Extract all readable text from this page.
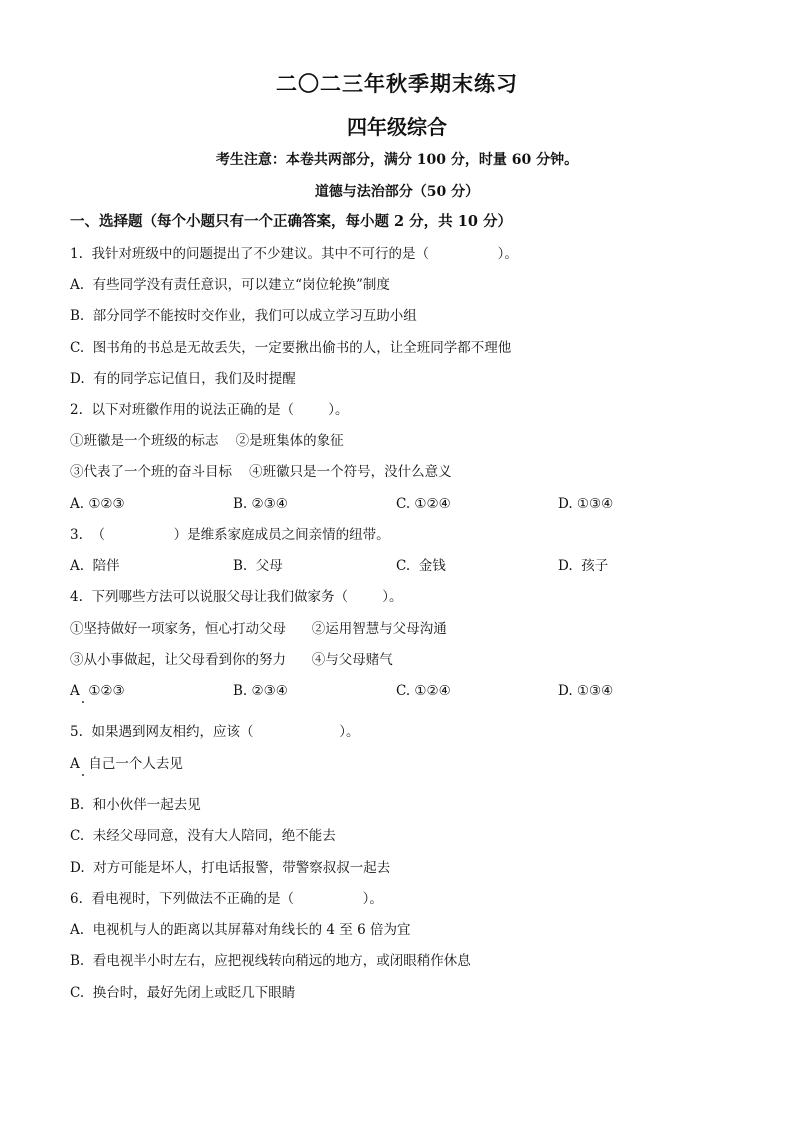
二〇二三年秋季期末练习
四年级综合
考生注意：本卷共两部分，满分 100 分，时量 60 分钟。
道德与法治部分（50 分）
一、选择题（每个小题只有一个正确答案，每小题 2 分，共 10 分）
1.  我针对班级中的问题提出了不少建议。其中不可行的是（                ）。
A.  有些同学没有责任意识，可以建立“岗位轮换”制度
B.  部分同学不能按时交作业，我们可以成立学习互助小组
C.  图书角的书总是无故丢失，一定要揪出偷书的人，让全班同学都不理他
D.  有的同学忘记值日，我们及时提醒
2.  以下对班徽作用的说法正确的是（        ）。
①班徽是一个班级的标志    ②是班集体的象征
③代表了一个班的奋斗目标    ④班徽只是一个符号，没什么意义
A. ①②③	B. ②③④	C. ①②④	D. ①③④
3.  （                ）是维系家庭成员之间亲情的纽带。
A.  陪伴	B.  父母	C.  金钱	D.  孩子
4.  下列哪些方法可以说服父母让我们做家务（        ）。
①坚持做好一项家务，恒心打动父母      ②运用智慧与父母沟通
③从小事做起，让父母看到你的努力      ④与父母赌气
A  ①②③	B. ②③④	C. ①②④	D. ①③④
5.  如果遇到网友相约，应该（                    ）。
A  自己一个人去见
B.  和小伙伴一起去见
C.  未经父母同意，没有大人陪同，绝不能去
D.  对方可能是坏人，打电话报警，带警察叔叔一起去
6.  看电视时，下列做法不正确的是（                ）。
A.  电视机与人的距离以其屏幕对角线长的 4 至 6 倍为宜
B.  看电视半小时左右，应把视线转向稍远的地方，或闭眼稍作休息
C.  换台时，最好先闭上或眨几下眼睛
